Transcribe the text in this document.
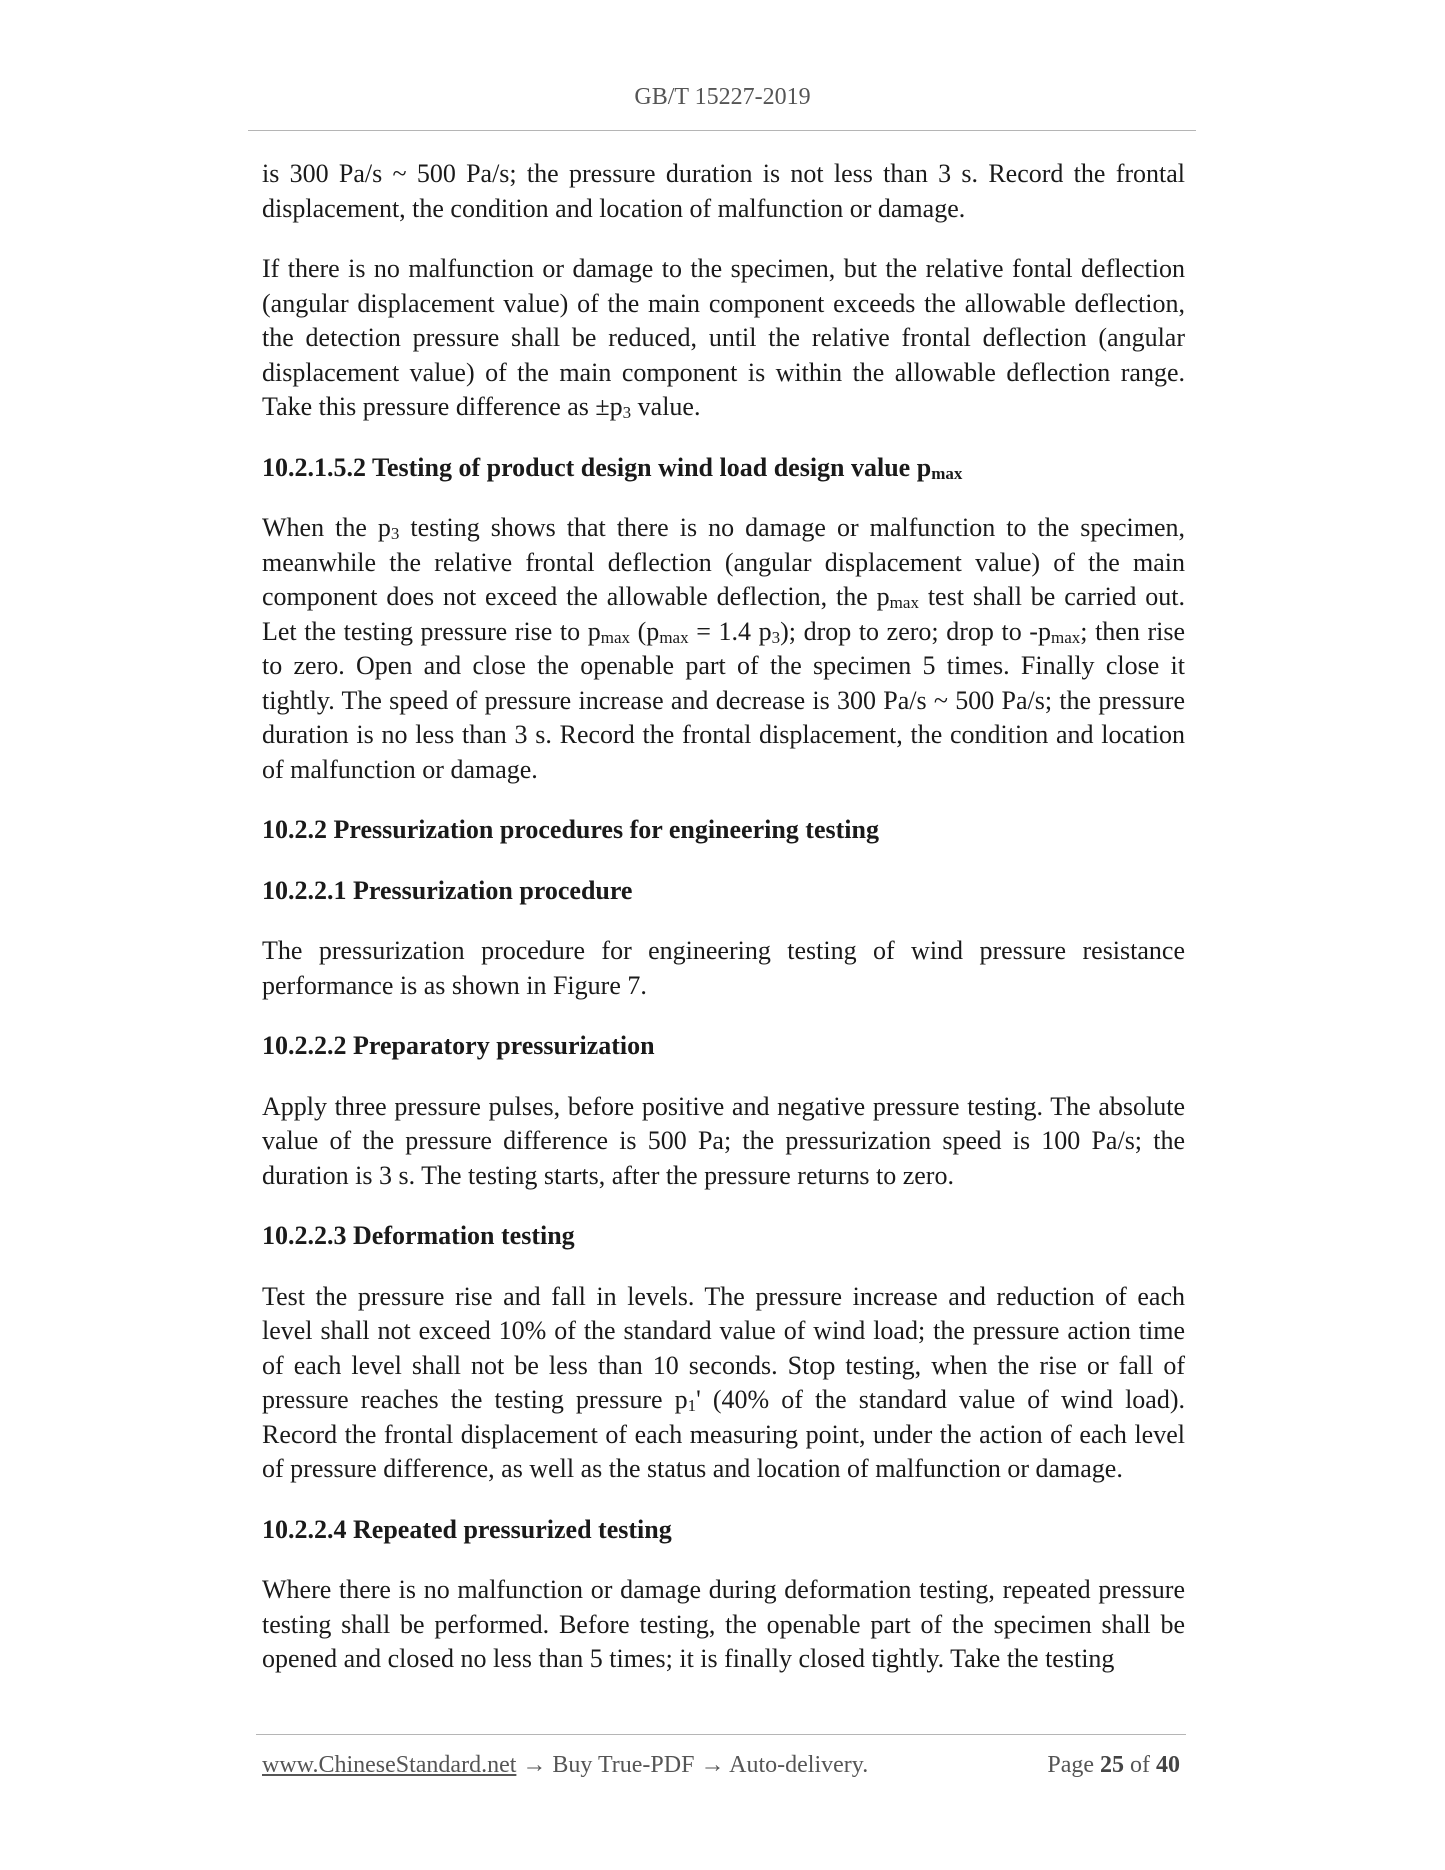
GB/T 15227-2019

is 300 Pa/s ~ 500 Pa/s; the pressure duration is not less than 3 s. Record the frontal displacement, the condition and location of malfunction or damage.

If there is no malfunction or damage to the specimen, but the relative fontal deflection (angular displacement value) of the main component exceeds the allowable deflection, the detection pressure shall be reduced, until the relative frontal deflection (angular displacement value) of the main component is within the allowable deflection range. Take this pressure difference as ±p3 value.

10.2.1.5.2 Testing of product design wind load design value pmax

When the p3 testing shows that there is no damage or malfunction to the specimen, meanwhile the relative frontal deflection (angular displacement value) of the main component does not exceed the allowable deflection, the pmax test shall be carried out. Let the testing pressure rise to pmax (pmax = 1.4 p3); drop to zero; drop to -pmax; then rise to zero. Open and close the openable part of the specimen 5 times. Finally close it tightly. The speed of pressure increase and decrease is 300 Pa/s ~ 500 Pa/s; the pressure duration is no less than 3 s. Record the frontal displacement, the condition and location of malfunction or damage.

10.2.2 Pressurization procedures for engineering testing

10.2.2.1 Pressurization procedure

The pressurization procedure for engineering testing of wind pressure resistance performance is as shown in Figure 7.

10.2.2.2 Preparatory pressurization

Apply three pressure pulses, before positive and negative pressure testing. The absolute value of the pressure difference is 500 Pa; the pressurization speed is 100 Pa/s; the duration is 3 s. The testing starts, after the pressure returns to zero.

10.2.2.3 Deformation testing

Test the pressure rise and fall in levels. The pressure increase and reduction of each level shall not exceed 10% of the standard value of wind load; the pressure action time of each level shall not be less than 10 seconds. Stop testing, when the rise or fall of pressure reaches the testing pressure p1' (40% of the standard value of wind load). Record the frontal displacement of each measuring point, under the action of each level of pressure difference, as well as the status and location of malfunction or damage.

10.2.2.4 Repeated pressurized testing

Where there is no malfunction or damage during deformation testing, repeated pressure testing shall be performed. Before testing, the openable part of the specimen shall be opened and closed no less than 5 times; it is finally closed tightly. Take the testing

www.ChineseStandard.net → Buy True-PDF → Auto-delivery.	Page 25 of 40
